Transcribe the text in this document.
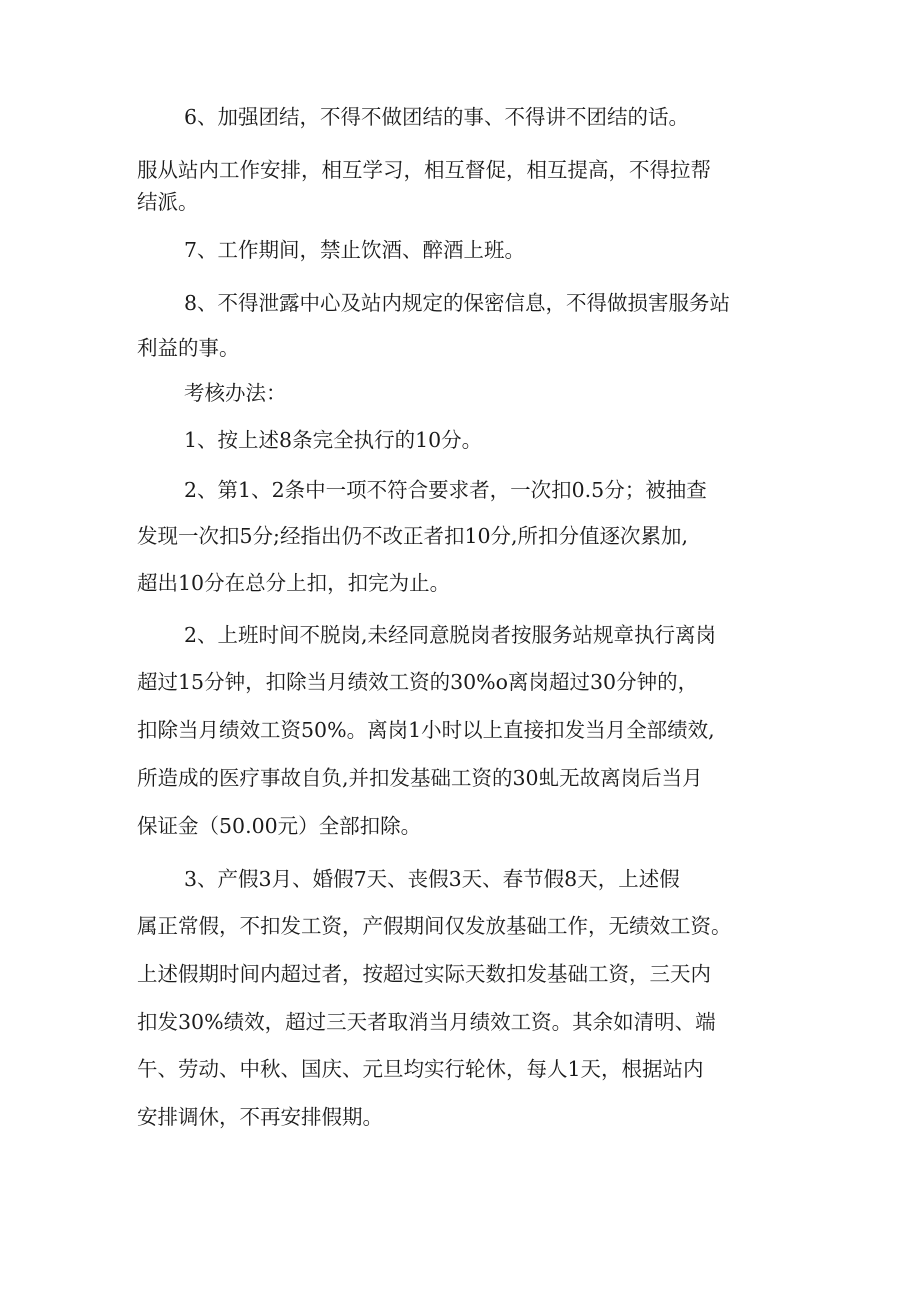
6、加强团结，不得不做团结的事、不得讲不团结的话。
服从站内工作安排，相互学习，相互督促，相互提高，不得拉帮
结派。
7、工作期间，禁止饮酒、醉酒上班。
8、不得泄露中心及站内规定的保密信息，不得做损害服务站
利益的事。
考核办法：
1、按上述8条完全执行的10分。
2、第1、2条中一项不符合要求者，一次扣0.5分；被抽查
发现一次扣5分;经指出仍不改正者扣10分,所扣分值逐次累加,
超出10分在总分上扣，扣完为止。
2、上班时间不脱岗,未经同意脱岗者按服务站规章执行离岗
超过15分钟，扣除当月绩效工资的30%o离岗超过30分钟的，
扣除当月绩效工资50%。离岗1小时以上直接扣发当月全部绩效,
所造成的医疗事故自负,并扣发基础工资的30虬无故离岗后当月
保证金（50.00元）全部扣除。
3、产假3月、婚假7天、丧假3天、春节假8天，上述假
属正常假，不扣发工资，产假期间仅发放基础工作，无绩效工资。
上述假期时间内超过者，按超过实际天数扣发基础工资，三天内
扣发30%绩效，超过三天者取消当月绩效工资。其余如清明、端
午、劳动、中秋、国庆、元旦均实行轮休，每人1天，根据站内
安排调休，不再安排假期。
